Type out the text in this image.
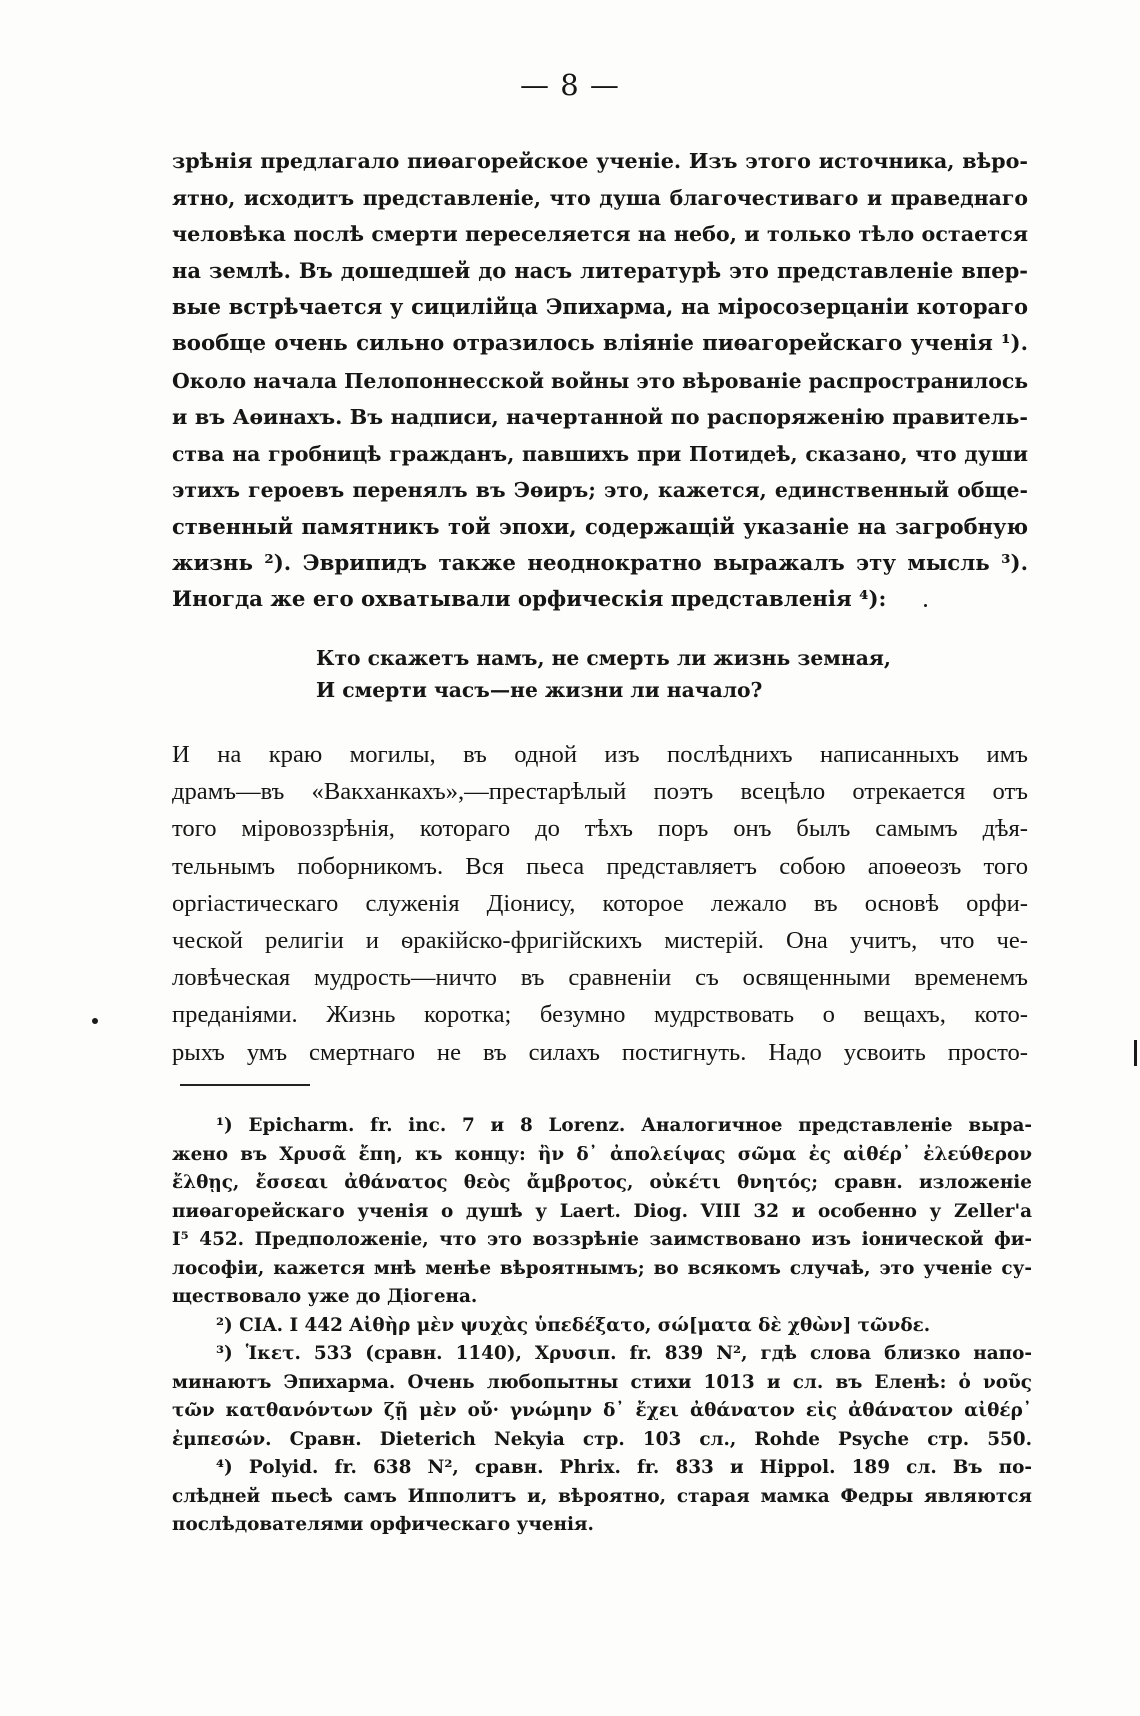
— 8 —
зрѣнія предлагало пиѳагорейское ученіе. Изъ этого источника, вѣро-
ятно, исходитъ представленіе, что душа благочестиваго и праведнаго
человѣка послѣ смерти переселяется на небо, и только тѣло остается
на землѣ. Въ дошедшей до насъ литературѣ это представленіе впер-
вые встрѣчается у сицилійца Эпихарма, на міросозерцаніи котораго
вообще очень сильно отразилось вліяніе пиѳагорейскаго ученія ¹).
Около начала Пелопоннесской войны это вѣрованіе распространилось
и въ Аѳинахъ. Въ надписи, начертанной по распоряженію правитель-
ства на гробницѣ гражданъ, павшихъ при Потидеѣ, сказано, что души
этихъ героевъ перенялъ въ Эѳиръ; это, кажется, единственный обще-
ственный памятникъ той эпохи, содержащій указаніе на загробную
жизнь ²). Эврипидъ также неоднократно выражалъ эту мысль ³).
Иногда же его охватывали орфическія представленія ⁴):
Кто скажетъ намъ, не смерть ли жизнь земная,
И смерти часъ—не жизни ли начало?
И на краю могилы, въ одной изъ послѣднихъ написанныхъ имъ
драмъ—въ «Вакханкахъ»,—престарѣлый поэтъ всецѣло отрекается отъ
того міровоззрѣнія, котораго до тѣхъ поръ онъ былъ самымъ дѣя-
тельнымъ поборникомъ. Вся пьеса представляетъ собою апоѳеозъ того
оргіастическаго служенія Діонису, которое лежало въ основѣ орфи-
ческой религіи и ѳракійско-фригійскихъ мистерій. Она учитъ, что че-
ловѣческая мудрость—ничто въ сравненіи съ освященными временемъ
преданіями. Жизнь коротка; безумно мудрствовать о вещахъ, кото-
рыхъ умъ смертнаго не въ силахъ постигнуть. Надо усвоить просто-
¹) Epicharm. fr. inc. 7 и 8 Lorenz. Аналогичное представленіе выра-
жено въ Χρυσᾶ ἔπη, къ концу: ἢν δ᾽ ἀπολείψας σῶμα ἐς αἰθέρ᾽ ἐλεύθερον
ἔλθῃς, ἔσσεαι ἀθάνατος θεὸς ἄμβροτος, οὐκέτι θνητός; сравн. изложеніе
пиѳагорейскаго ученія о душѣ у Laert. Diog. VIII 32 и особенно у Zeller'a
I⁵ 452. Предположеніе, что это воззрѣніе заимствовано изъ іонической фи-
лософіи, кажется мнѣ менѣе вѣроятнымъ; во всякомъ случаѣ, это ученіе су-
ществовало уже до Діогена.
²) CIA. I 442 Αἰθὴρ μὲν ψυχὰς ὑπεδέξατο, σώ[ματα δὲ χθὼν] τῶνδε.
³) Ἱκετ. 533 (сравн. 1140), Χρυσιπ. fr. 839 N², гдѣ слова близко напо-
минаютъ Эпихарма. Очень любопытны стихи 1013 и сл. въ Еленѣ: ὁ νοῦς
τῶν κατθανόντων ζῇ μὲν οὔ· γνώμην δ᾽ ἔχει ἀθάνατον εἰς ἀθάνατον αἰθέρ᾽
ἐμπεσών. Сравн. Dieterich Nekyia стр. 103 сл., Rohde Psyche стр. 550.
⁴) Polyid. fr. 638 N², сравн. Phrix. fr. 833 и Hippol. 189 сл. Въ по-
слѣдней пьесѣ самъ Ипполитъ и, вѣроятно, старая мамка Федры являются
послѣдователями орфическаго ученія.
